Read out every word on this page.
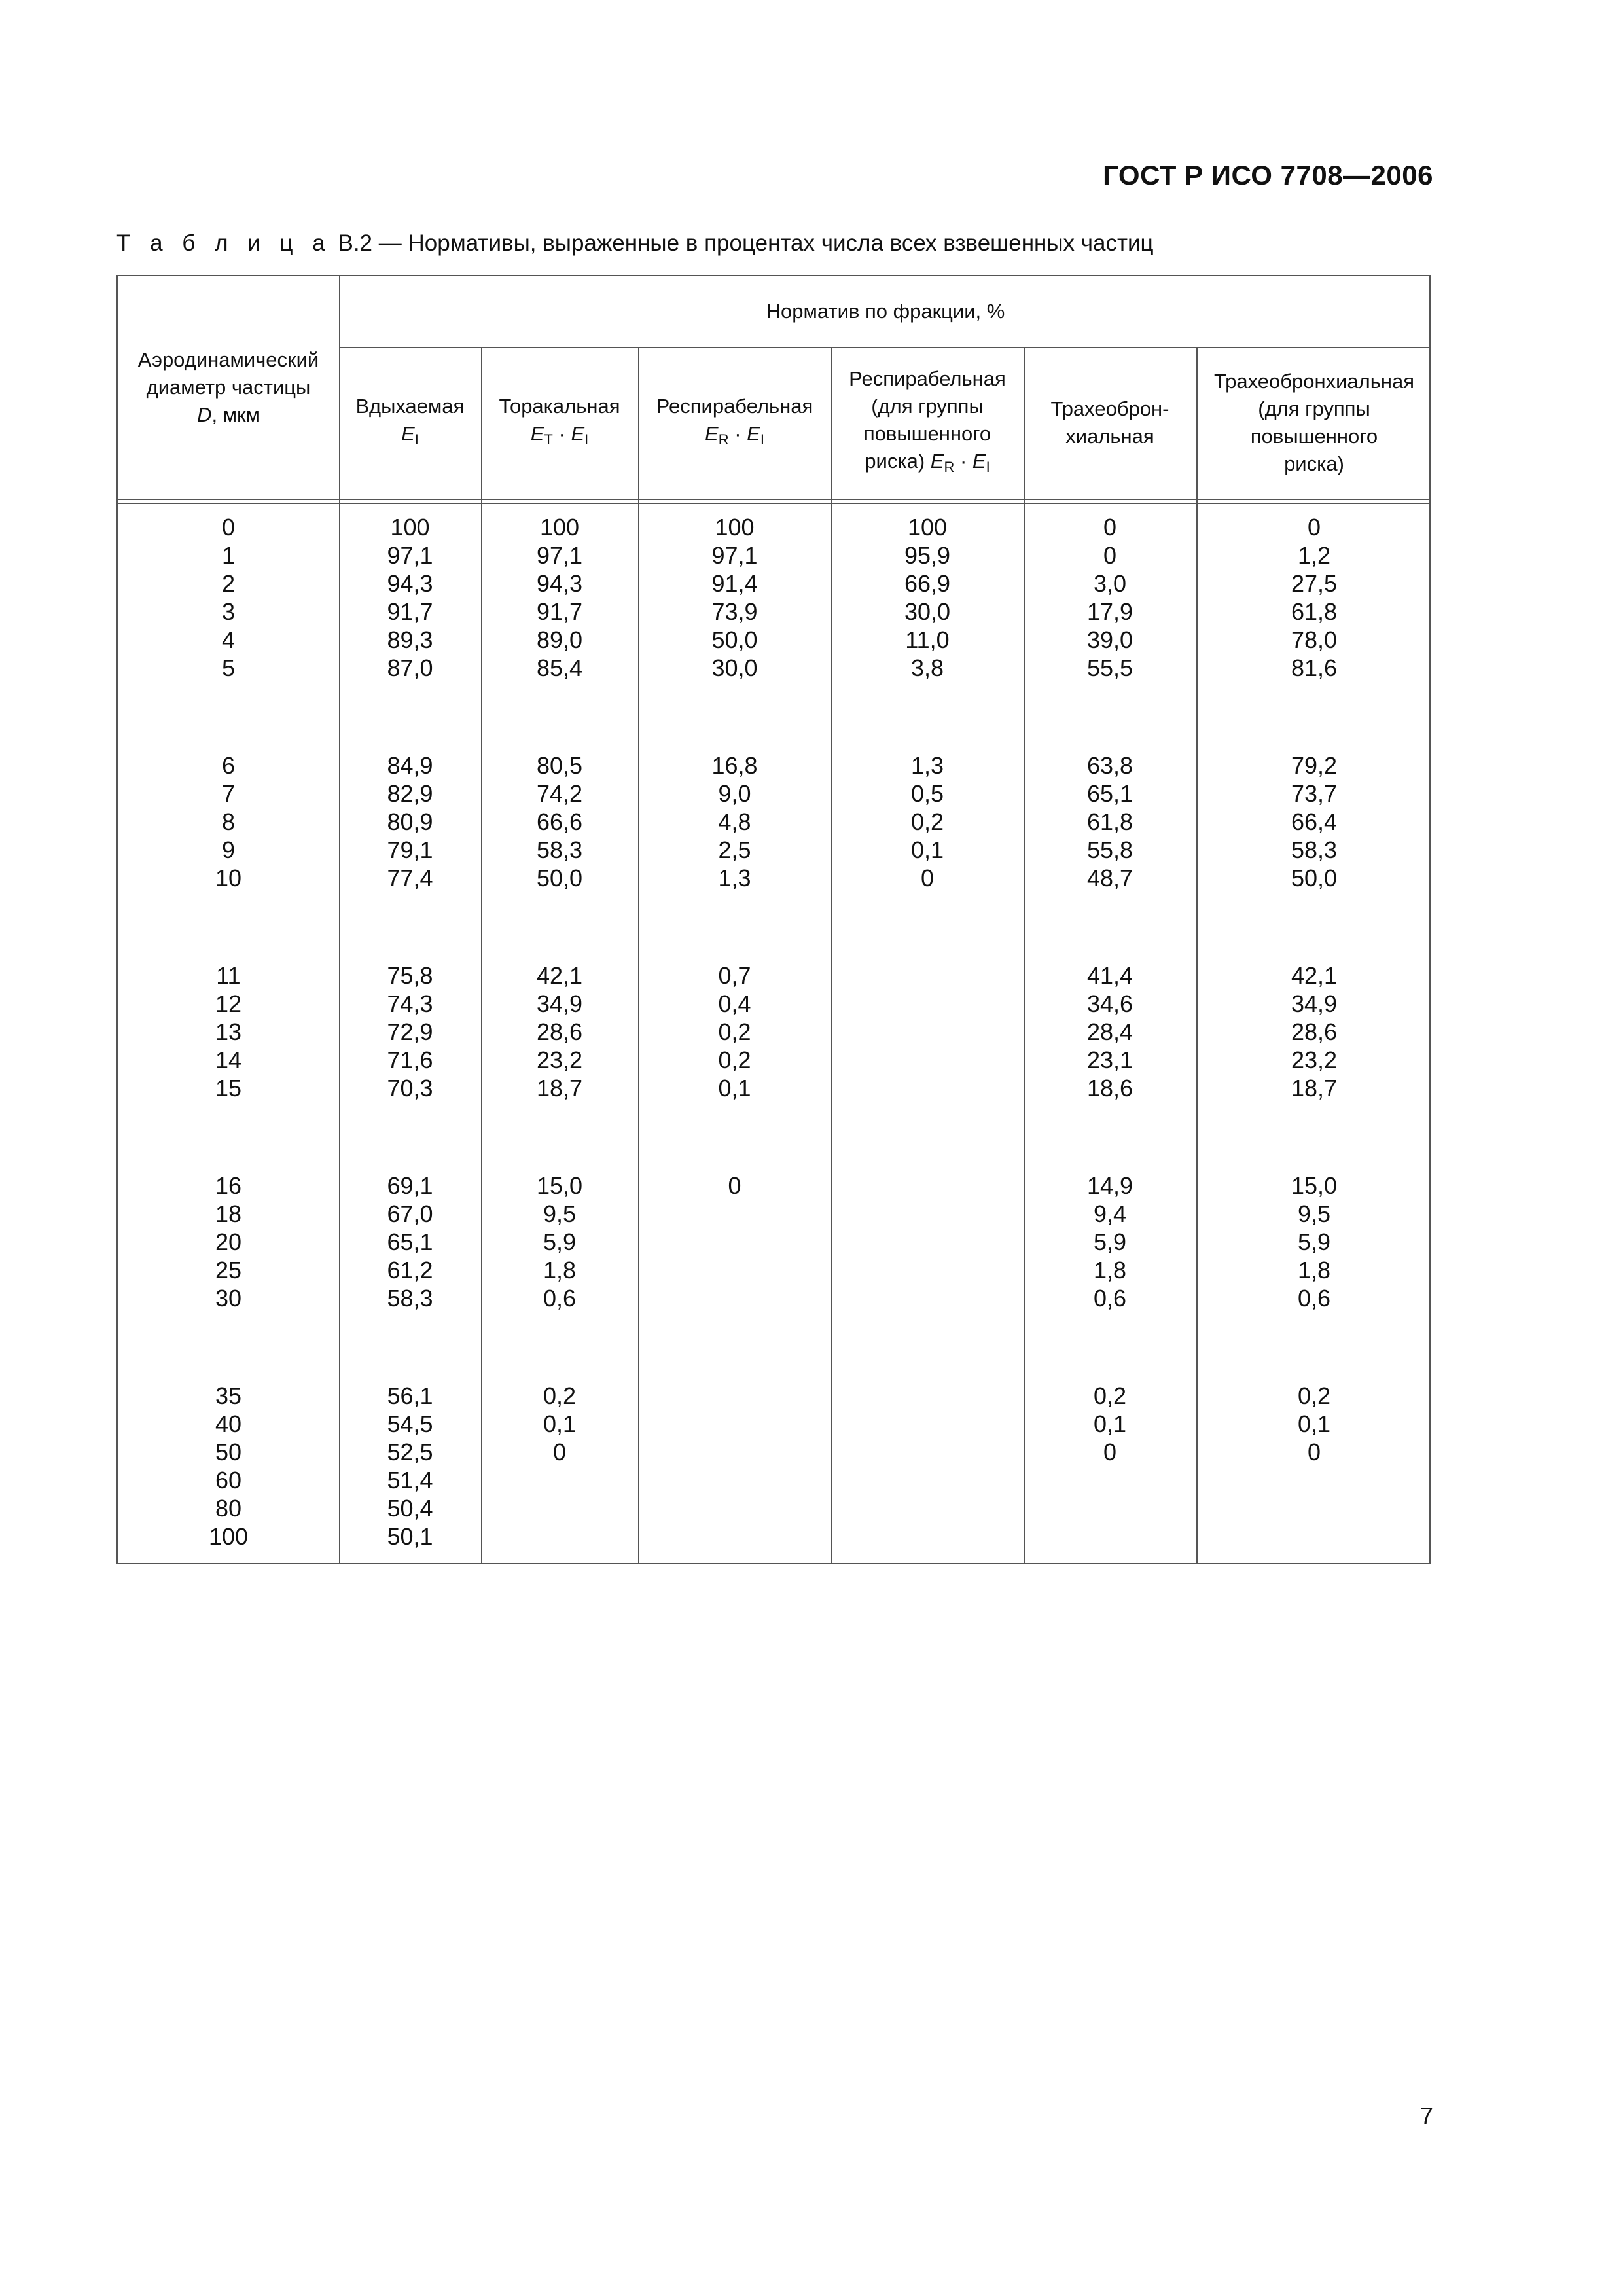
ГОСТ Р ИСО 7708—2006
Т а б л и ц а В.2 — Нормативы, выраженные в процентах числа всех взвешенных частиц
Аэродинамический
диаметр частицы
D, мкм
Норматив по фракции, %
Вдыхаемая
$E_I$
Торакальная
$E_T \cdot E_I$
Респирабельная
$E_R \cdot E_I$
Респирабельная
(для группы
повышенного
риска) $E_R \cdot E_I$
Трахеоброн-
хиальная
Трахеобронхиальная
(для группы
повышенного
риска)
0
1
2
3
4
5
6
7
8
9
10
11
12
13
14
15
16
18
20
25
30
35
40
50
60
80
100
100
97,1
94,3
91,7
89,3
87,0
84,9
82,9
80,9
79,1
77,4
75,8
74,3
72,9
71,6
70,3
69,1
67,0
65,1
61,2
58,3
56,1
54,5
52,5
51,4
50,4
50,1
100
97,1
94,3
91,7
89,0
85,4
80,5
74,2
66,6
58,3
50,0
42,1
34,9
28,6
23,2
18,7
15,0
9,5
5,9
1,8
0,6
0,2
0,1
0
100
97,1
91,4
73,9
50,0
30,0
16,8
9,0
4,8
2,5
1,3
0,7
0,4
0,2
0,2
0,1
0
100
95,9
66,9
30,0
11,0
3,8
1,3
0,5
0,2
0,1
0
0
0
3,0
17,9
39,0
55,5
63,8
65,1
61,8
55,8
48,7
41,4
34,6
28,4
23,1
18,6
14,9
9,4
5,9
1,8
0,6
0,2
0,1
0
0
1,2
27,5
61,8
78,0
81,6
79,2
73,7
66,4
58,3
50,0
42,1
34,9
28,6
23,2
18,7
15,0
9,5
5,9
1,8
0,6
0,2
0,1
0
7
